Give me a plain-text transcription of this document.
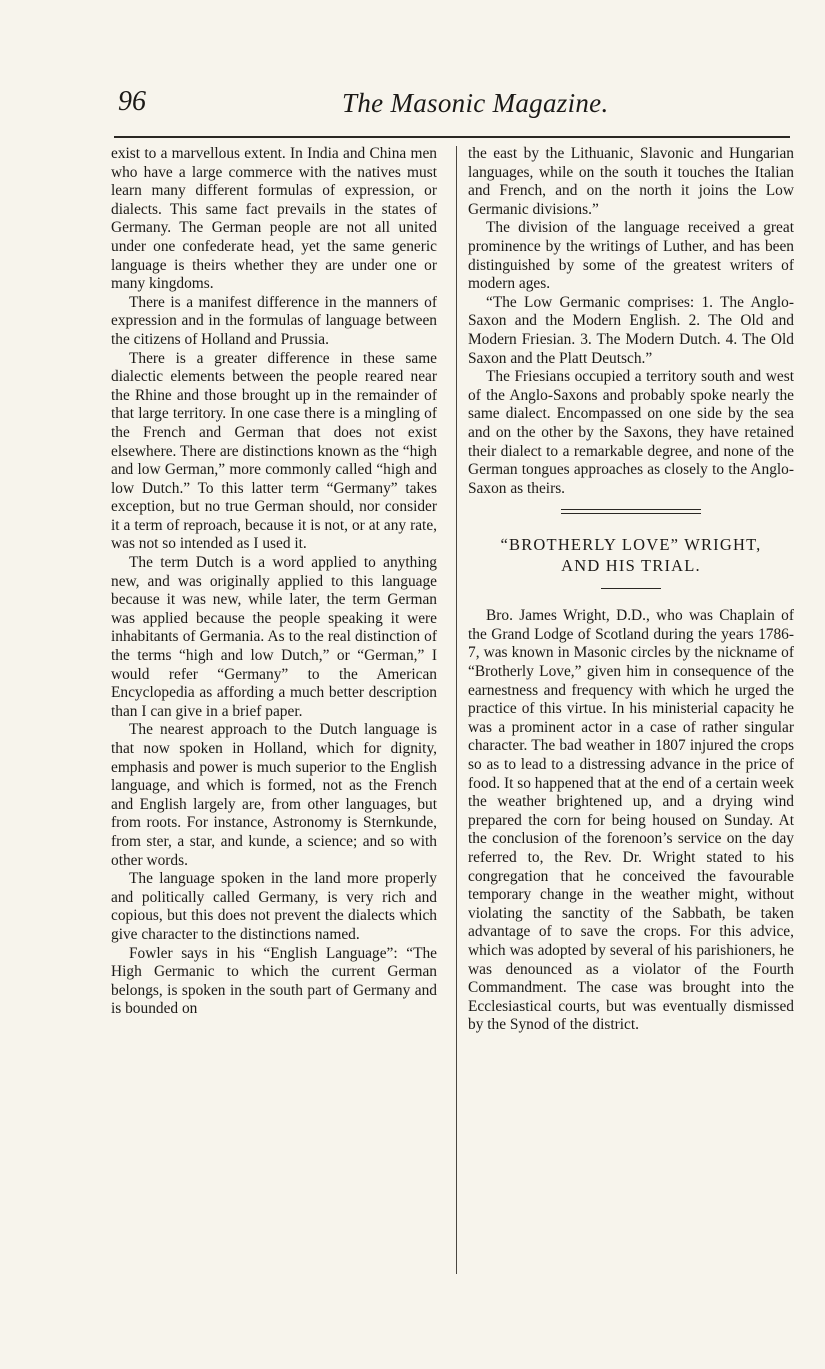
96	The Masonic Magazine.

exist to a marvellous extent. In India and China men who have a large commerce with the natives must learn many different formulas of expression, or dialects. This same fact prevails in the states of Germany. The German people are not all united under one confederate head, yet the same generic language is theirs whether they are under one or many kingdoms.

There is a manifest difference in the manners of expression and in the formulas of language between the citizens of Holland and Prussia.

There is a greater difference in these same dialectic elements between the people reared near the Rhine and those brought up in the remainder of that large territory. In one case there is a mingling of the French and German that does not exist elsewhere. There are distinctions known as the “high and low German,” more commonly called “high and low Dutch.” To this latter term “Germany” takes exception, but no true German should, nor consider it a term of reproach, because it is not, or at any rate, was not so intended as I used it.

The term Dutch is a word applied to anything new, and was originally applied to this language because it was new, while later, the term German was applied because the people speaking it were inhabitants of Germania. As to the real distinction of the terms “high and low Dutch,” or “German,” I would refer “Germany” to the American Encyclopedia as affording a much better description than I can give in a brief paper.

The nearest approach to the Dutch language is that now spoken in Holland, which for dignity, emphasis and power is much superior to the English language, and which is formed, not as the French and English largely are, from other languages, but from roots. For instance, Astronomy is Sternkunde, from ster, a star, and kunde, a science; and so with other words.

The language spoken in the land more properly and politically called Germany, is very rich and copious, but this does not prevent the dialects which give character to the distinctions named.

Fowler says in his “English Language”: “The High Germanic to which the current German belongs, is spoken in the south part of Germany and is bounded on

the east by the Lithuanic, Slavonic and Hungarian languages, while on the south it touches the Italian and French, and on the north it joins the Low Germanic divisions.”

The division of the language received a great prominence by the writings of Luther, and has been distinguished by some of the greatest writers of modern ages.

“The Low Germanic comprises: 1. The Anglo-Saxon and the Modern English. 2. The Old and Modern Friesian. 3. The Modern Dutch. 4. The Old Saxon and the Platt Deutsch.”

The Friesians occupied a territory south and west of the Anglo-Saxons and probably spoke nearly the same dialect. Encompassed on one side by the sea and on the other by the Saxons, they have retained their dialect to a remarkable degree, and none of the German tongues approaches as closely to the Anglo-Saxon as theirs.

“BROTHERLY LOVE” WRIGHT,
AND HIS TRIAL.

Bro. James Wright, D.D., who was Chaplain of the Grand Lodge of Scotland during the years 1786-7, was known in Masonic circles by the nickname of “Brotherly Love,” given him in consequence of the earnestness and frequency with which he urged the practice of this virtue. In his ministerial capacity he was a prominent actor in a case of rather singular character. The bad weather in 1807 injured the crops so as to lead to a distressing advance in the price of food. It so happened that at the end of a certain week the weather brightened up, and a drying wind prepared the corn for being housed on Sunday. At the conclusion of the forenoon’s service on the day referred to, the Rev. Dr. Wright stated to his congregation that he conceived the favourable temporary change in the weather might, without violating the sanctity of the Sabbath, be taken advantage of to save the crops. For this advice, which was adopted by several of his parishioners, he was denounced as a violator of the Fourth Commandment. The case was brought into the Ecclesiastical courts, but was eventually dismissed by the Synod of the district.
